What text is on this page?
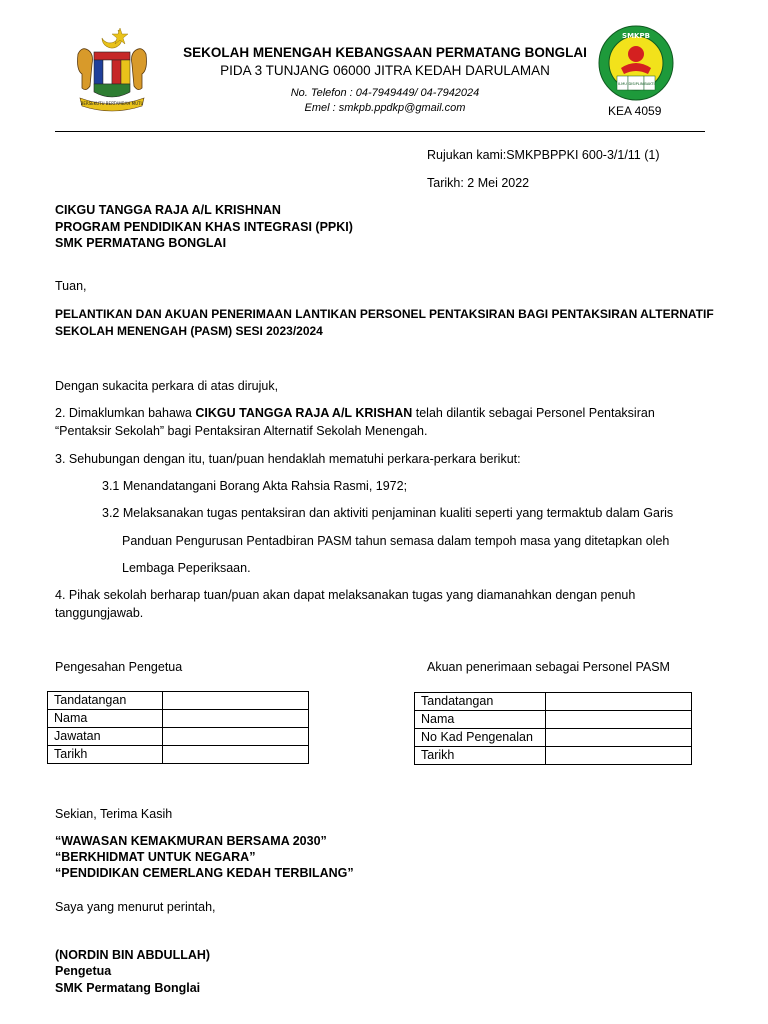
BERSEKUTU BERTAMBAH MUTU
SEKOLAH MENENGAH KEBANGSAAN PERMATANG BONGLAI
PIDA 3 TUNJANG 06000 JITRA KEDAH DARULAMAN
No. Telefon : 04-7949449/ 04-7942024
Emel : smkpb.ppdkp@gmail.com
SMKPB
ILMU DISIPLIN BAKTI
KEA 4059
Rujukan kami:SMKPBPPKI 600-3/1/11 (1)
Tarikh: 2 Mei 2022
CIKGU TANGGA RAJA A/L KRISHNAN
PROGRAM PENDIDIKAN KHAS INTEGRASI (PPKI)
SMK PERMATANG BONGLAI
Tuan,
PELANTIKAN DAN AKUAN PENERIMAAN LANTIKAN PERSONEL PENTAKSIRAN BAGI PENTAKSIRAN ALTERNATIF
SEKOLAH MENENGAH (PASM) SESI 2023/2024
Dengan sukacita perkara di atas dirujuk,
2. Dimaklumkan bahawa CIKGU TANGGA RAJA A/L KRISHAN telah dilantik sebagai Personel Pentaksiran
“Pentaksir Sekolah” bagi Pentaksiran Alternatif Sekolah Menengah.
3. Sehubungan dengan itu, tuan/puan hendaklah mematuhi perkara-perkara berikut:
3.1 Menandatangani Borang Akta Rahsia Rasmi, 1972;
3.2 Melaksanakan tugas pentaksiran dan aktiviti penjaminan kualiti seperti yang termaktub dalam Garis
Panduan Pengurusan Pentadbiran PASM tahun semasa dalam tempoh masa yang ditetapkan oleh
Lembaga Peperiksaan.
4. Pihak sekolah berharap tuan/puan akan dapat melaksanakan tugas yang diamanahkan dengan penuh
tanggungjawab.
Pengesahan Pengetua	Akuan penerimaan sebagai Personel PASM
Tandatangan	
Nama	
Jawatan	
Tarikh	
Tandatangan	
Nama	
No Kad Pengenalan	
Tarikh	
Sekian, Terima Kasih
“WAWASAN KEMAKMURAN BERSAMA 2030”
“BERKHIDMAT UNTUK NEGARA”
“PENDIDIKAN CEMERLANG KEDAH TERBILANG”
Saya yang menurut perintah,
(NORDIN BIN ABDULLAH)
Pengetua
SMK Permatang Bonglai
